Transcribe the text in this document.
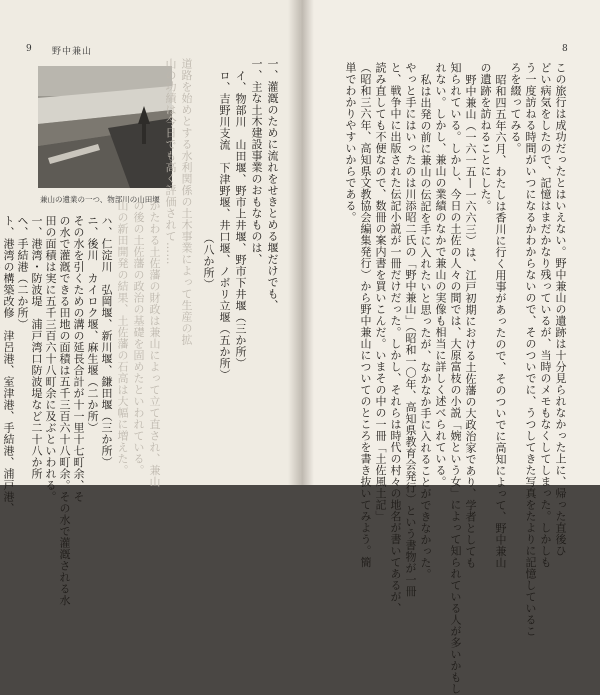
9 野中兼山
兼山の遺業の一つ、物部川の山田堰 道路を始めとする水利関係の土木事業によって生産の拡
山の功績は今日でも高く評価されて……
かたわる土佐藩の財政は兼山によって立て直され、兼山
の後の土佐藩の政治の基礎を固めたといわれている。
山の新田開発の結果、土佐藩の石高は大幅に増えた。
一、灌漑のために流れをせきとめる堰だけでも、
一、主な土木建設事業のおもなものは、
イ、物部川　山田堰、野市上井堰、野市下井堰（三か所）
ロ、吉野川支流　下津野堰、井口堰、ノボリ立堰（五か所）
　　（八か所）
ハ、仁淀川　弘岡堰、新川堰、鎌田堰（三か所）
ニ、後川　カイロク堰、麻生堰（二か所）
その水を引くための溝の延長合計が十一里十七町余、そ
の水で灌漑できる田地の面積は五千三百六十八町余。その水で灌漑される水
田の面積は実に五千三百六十八町余に及ぶといわれる。
一、港湾・防波堤　浦戸湾口防波堤など二十八か所
ヘ、手結港（二か所）
ト、港湾の構築改修　津呂港、室津港、手結港、浦戸港、
8
この旅行は成功だったとはいえない。野中兼山の遺跡は十分見られなかった上に、帰った直後ひ
どい病気をしたので、記憶はまだかなり残っているが、当時のメモもなくしてしまった。しかしも
う一度訪ねる時間がいつになるかわからないので、そのついでに、うつしてきた写真をたよりに記憶しているこ
ろを綴ってみる。
昭和四五年六月、わたしは香川に行く用事があったので、そのついでに高知によって、野中兼山
の遺跡を訪ねることにした。
野中兼山（一六一五—一六六三）は、江戸初期における土佐藩の大政治家であり、学者としても
知られている。しかし、今日の土佐の人々の間では、大原富枝の小説「婉という女」によって知られている人が多いかもし
れない。しかし、兼山の業績のなかで兼山の実像も相当に詳しく述べられている。
私は出発の前に兼山の伝記を手に入れたいと思ったが、なかなか手に入れることができなかった。
やっと手にはいったのは川添昭二氏の「野中兼山」（昭和一〇年、高知県教育会発行）という書物が一冊
と、戦争中に出版された伝記小説が一冊だけだった。しかし、それらは時代の村々の地名が書いてあるが、
読み直しても不便なので、数冊の案内書を買いこんだ。いまその中の一冊「土佐風土記」
（昭和三六年、高知県文教協会編集発行）から野中兼山についてのところを書き抜いてみよう。簡
単でわかりやすいからである。
